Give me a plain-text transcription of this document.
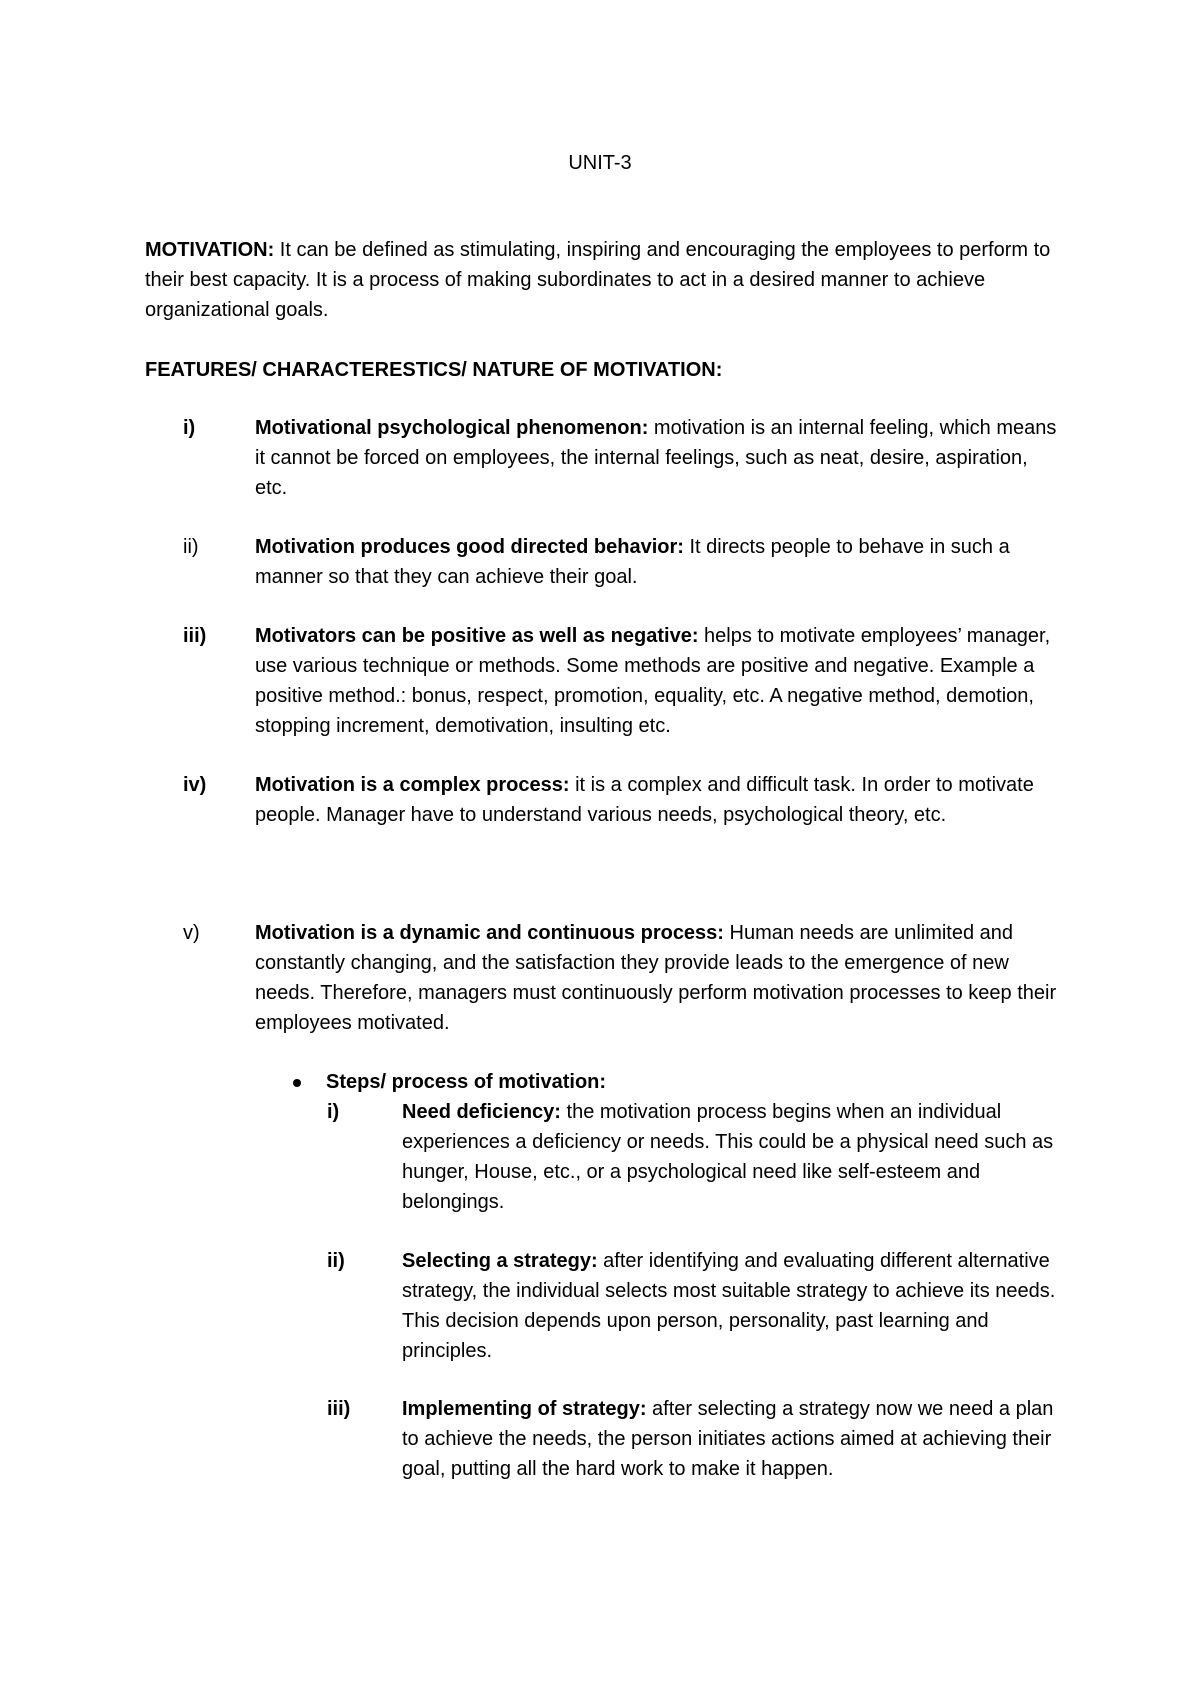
UNIT-3
MOTIVATION: It can be defined as stimulating, inspiring and encouraging the employees to perform to their best capacity. It is a process of making subordinates to act in a desired manner to achieve organizational goals.
FEATURES/ CHARACTERESTICS/ NATURE OF MOTIVATION:
i)	Motivational psychological phenomenon: motivation is an internal feeling, which means it cannot be forced on employees, the internal feelings, such as neat, desire, aspiration, etc.
ii)	Motivation produces good directed behavior: It directs people to behave in such a manner so that they can achieve their goal.
iii) Motivators can be positive as well as negative: helps to motivate employees’ manager, use various technique or methods. Some methods are positive and negative. Example a positive method.: bonus, respect, promotion, equality, etc. A negative method, demotion, stopping increment, demotivation, insulting etc.
iv) Motivation is a complex process: it is a complex and difficult task. In order to motivate people. Manager have to understand various needs, psychological theory, etc.
v)	Motivation is a dynamic and continuous process: Human needs are unlimited and constantly changing, and the satisfaction they provide leads to the emergence of new needs. Therefore, managers must continuously perform motivation processes to keep their employees motivated.
Steps/ process of motivation:
i)	Need deficiency: the motivation process begins when an individual experiences a deficiency or needs. This could be a physical need such as hunger, House, etc., or a psychological need like self-esteem and belongings.
ii)	Selecting a strategy: after identifying and evaluating different alternative strategy, the individual selects most suitable strategy to achieve its needs. This decision depends upon person, personality, past learning and principles.
iii)	Implementing of strategy: after selecting a strategy now we need a plan to achieve the needs, the person initiates actions aimed at achieving their goal, putting all the hard work to make it happen.
